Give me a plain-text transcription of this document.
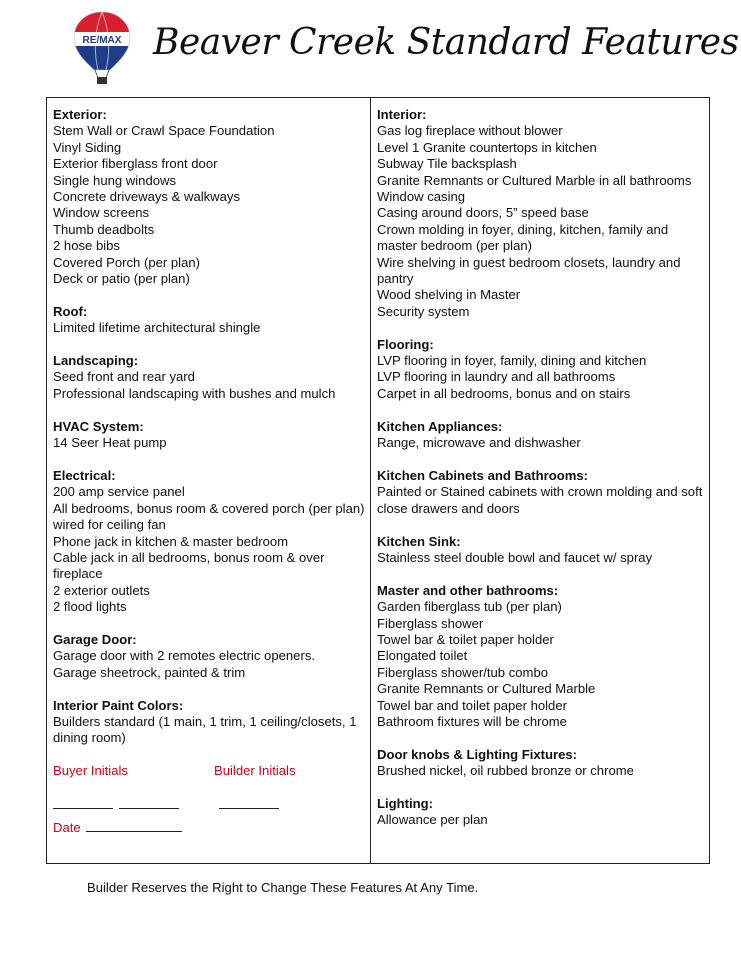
RE/MAX Beaver Creek Standard Features
Exterior:
Stem Wall or Crawl Space Foundation
Vinyl Siding
Exterior fiberglass front door
Single hung windows
Concrete driveways & walkways
Window screens
Thumb deadbolts
2 hose bibs
Covered Porch (per plan)
Deck or patio (per plan)
Roof:
Limited lifetime architectural shingle
Landscaping:
Seed front and rear yard
Professional landscaping with bushes and mulch
HVAC System:
14 Seer Heat pump
Electrical:
200 amp service panel
All bedrooms, bonus room & covered porch (per plan) wired for ceiling fan
Phone jack in kitchen & master bedroom
Cable jack in all bedrooms, bonus room & over fireplace
2 exterior outlets
2 flood lights
Garage Door:
Garage door with 2 remotes electric openers.
Garage sheetrock, painted & trim
Interior Paint Colors:
Builders standard (1 main, 1 trim, 1 ceiling/closets, 1 dining room)
Buyer Initials	Builder Initials
Date
Interior:
Gas log fireplace without blower
Level 1 Granite countertops in kitchen
Subway Tile backsplash
Granite Remnants or Cultured Marble in all bathrooms
Window casing
Casing around doors, 5” speed base
Crown molding in foyer, dining, kitchen, family and master bedroom (per plan)
Wire shelving in guest bedroom closets, laundry and pantry
Wood shelving in Master
Security system
Flooring:
LVP flooring in foyer, family, dining and kitchen
LVP flooring in laundry and all bathrooms
Carpet in all bedrooms, bonus and on stairs
Kitchen Appliances:
Range, microwave and dishwasher
Kitchen Cabinets and Bathrooms:
Painted or Stained cabinets with crown molding and soft close drawers and doors
Kitchen Sink:
Stainless steel double bowl and faucet w/ spray
Master and other bathrooms:
Garden fiberglass tub (per plan)
Fiberglass shower
Towel bar & toilet paper holder
Elongated toilet
Fiberglass shower/tub combo
Granite Remnants or Cultured Marble
Towel bar and toilet paper holder
Bathroom fixtures will be chrome
Door knobs & Lighting Fixtures:
Brushed nickel, oil rubbed bronze or chrome
Lighting:
Allowance per plan
Builder Reserves the Right to Change These Features At Any Time.
